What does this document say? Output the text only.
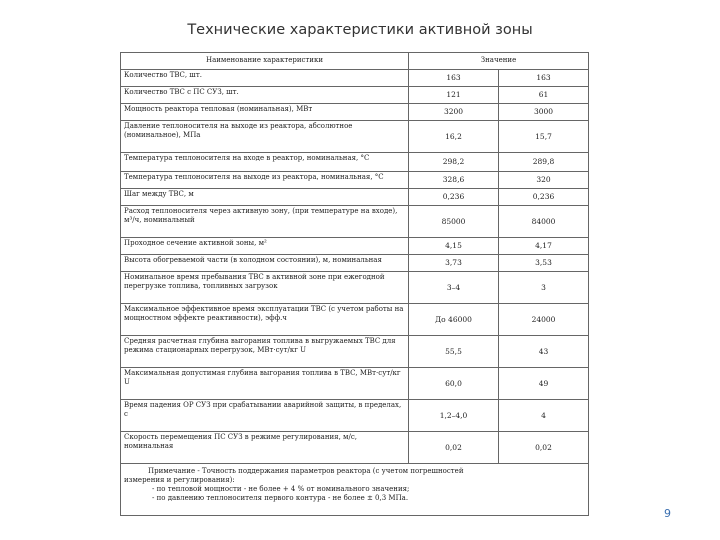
Технические характеристики активной зоны
Наименование характеристики	Значение	
Количество ТВС, шт.	163	163
Количество ТВС с ПС СУЗ, шт.	121	61
Мощность реактора тепловая (номинальная), МВт	3200	3000
Давление теплоносителя на выходе из реактора, абсолютное (номинальное), МПа	16,2	15,7
Температура теплоносителя на входе в реактор, номинальная, °С	298,2	289,8
Температура теплоносителя на выходе из реактора, номинальная, °С	328,6	320
Шаг между ТВС, м	0,236	0,236
Расход теплоносителя через активную зону, (при температуре на входе), м³/ч, номинальный	85000	84000
Проходное сечение активной зоны, м²	4,15	4,17
Высота обогреваемой части (в холодном состоянии), м, номинальная	3,73	3,53
Номинальное время пребывания ТВС в активной зоне при ежегодной перегрузке топлива, топливных загрузок	3–4	3
Максимальное эффективное время эксплуатации ТВС (с учетом работы на мощностном эффекте реактивности), эфф.ч	До 46000	24000
Средняя расчетная глубина выгорания топлива в выгружаемых ТВС для режима стационарных перегрузок, МВт·сут/кг U	55,5	43
Максимальная допустимая глубина выгорания топлива в ТВС, МВт·сут/кг U	60,0	49
Время падения ОР СУЗ при срабатывании аварийной защиты, в пределах, с	1,2–4,0	4
Скорость перемещения ПС СУЗ в режиме регулирования, м/с, номинальная	0,02	0,02

Примечание - Точность поддержания параметров реактора (с учетом погрешностей
измерения и регулирования):
- по тепловой мощности - не более + 4 % от номинального значения;
- по давлению теплоносителя первого контура - не более ± 0,3 МПа.		
9
